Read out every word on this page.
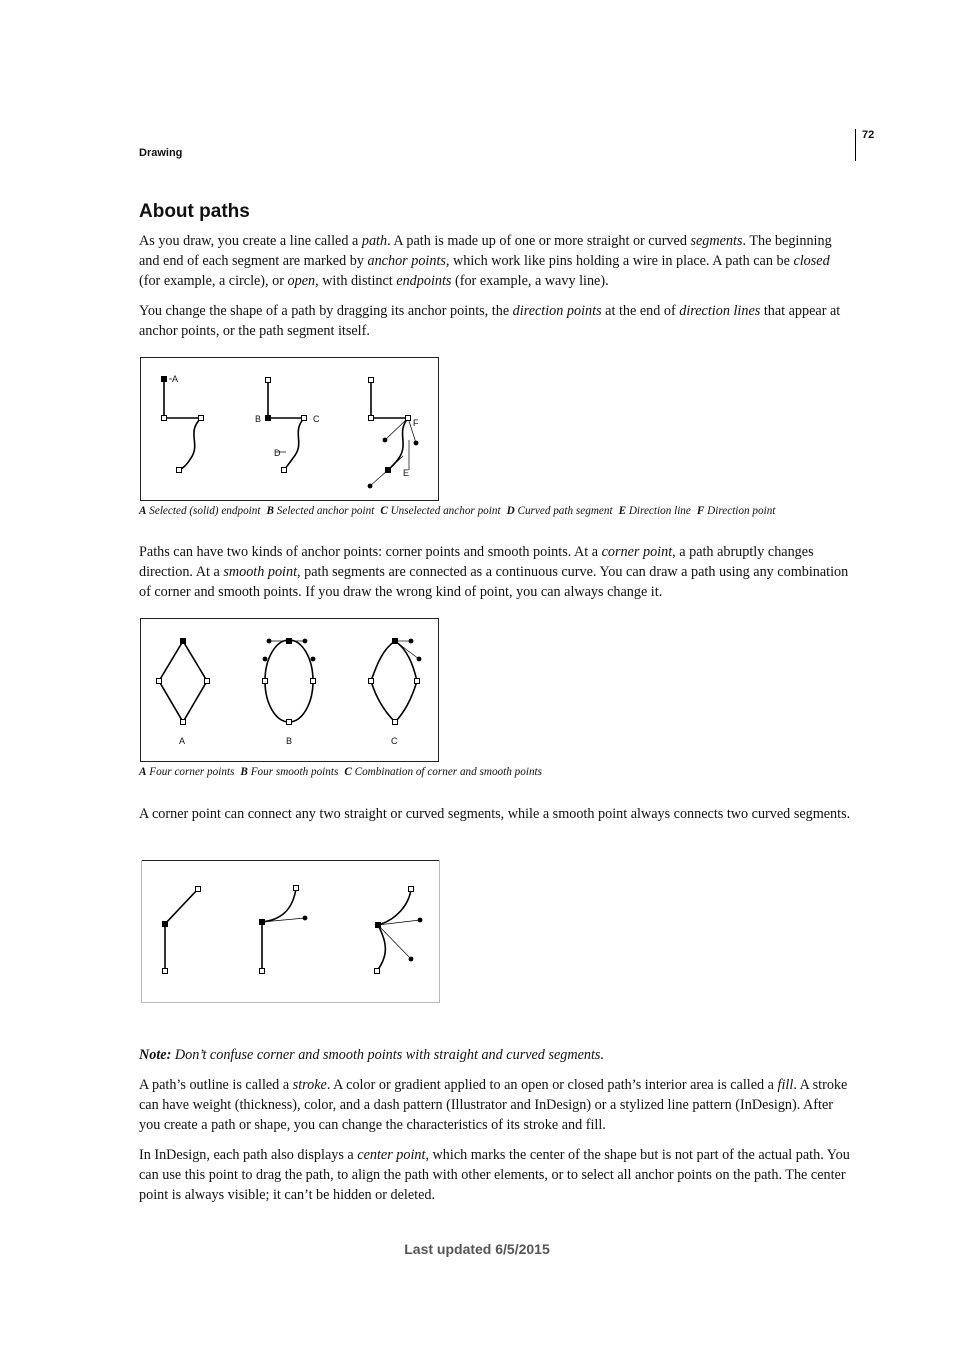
Drawing
72
About paths

As you draw, you create a line called a path. A path is made up of one or more straight or curved segments. The beginning and end of each segment are marked by anchor points, which work like pins holding a wire in place. A path can be closed (for example, a circle), or open, with distinct endpoints (for example, a wavy line).

You change the shape of a path by dragging its anchor points, the direction points at the end of direction lines that appear at anchor points, or the path segment itself.

A
B	C
D
E
F

A Selected (solid) endpoint B Selected anchor point C Unselected anchor point D Curved path segment E Direction line F Direction point

Paths can have two kinds of anchor points: corner points and smooth points. At a corner point, a path abruptly changes direction. At a smooth point, path segments are connected as a continuous curve. You can draw a path using any combination of corner and smooth points. If you draw the wrong kind of point, you can always change it.

A	B	C

A Four corner points B Four smooth points C Combination of corner and smooth points

A corner point can connect any two straight or curved segments, while a smooth point always connects two curved segments.

Note: Don’t confuse corner and smooth points with straight and curved segments.

A path’s outline is called a stroke. A color or gradient applied to an open or closed path’s interior area is called a fill. A stroke can have weight (thickness), color, and a dash pattern (Illustrator and InDesign) or a stylized line pattern (InDesign). After you create a path or shape, you can change the characteristics of its stroke and fill.

In InDesign, each path also displays a center point, which marks the center of the shape but is not part of the actual path. You can use this point to drag the path, to align the path with other elements, or to select all anchor points on the path. The center point is always visible; it can’t be hidden or deleted.

Last updated 6/5/2015
